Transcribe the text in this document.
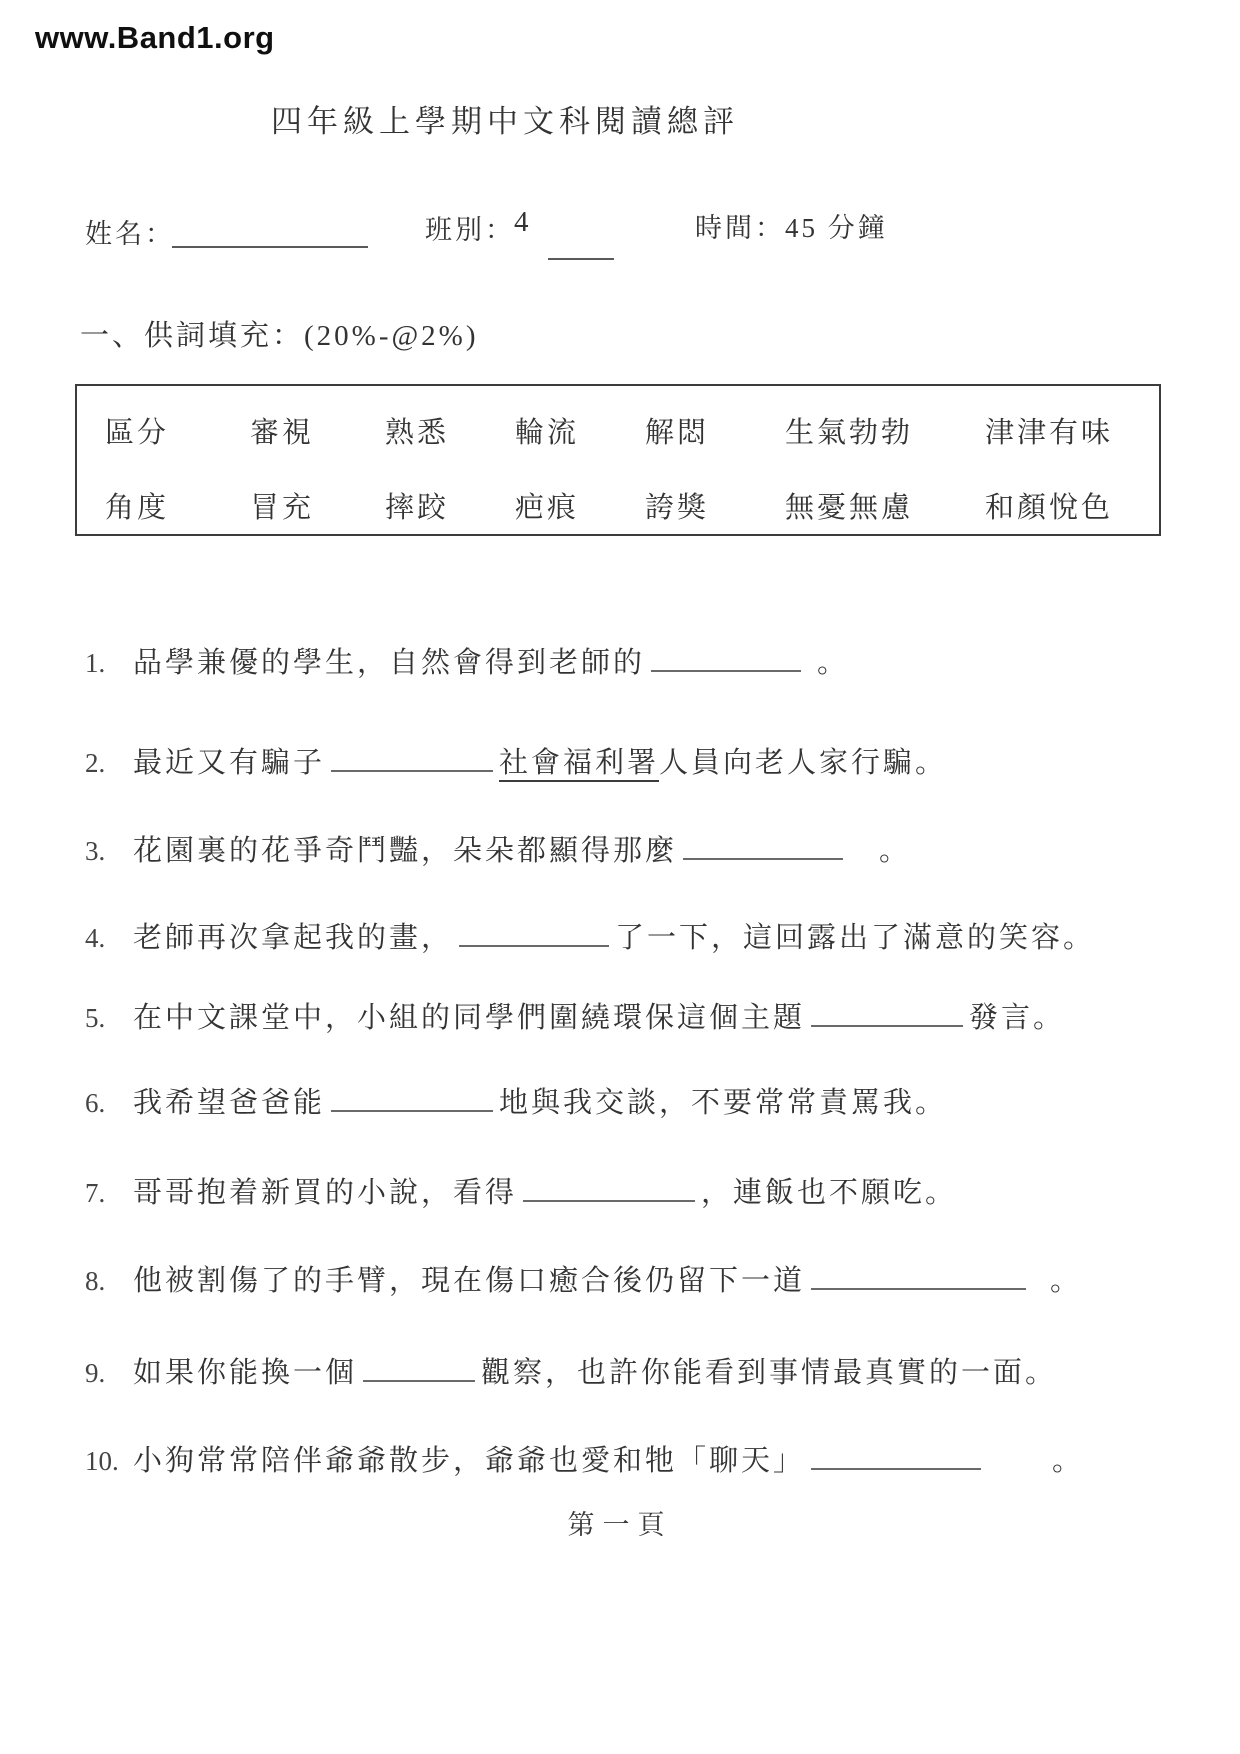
www.Band1.org
四年級上學期中文科閱讀總評
姓名：	班別： 4	時間：45 分鐘
一、供詞填充：(20%-@2%)
區分	審視	熟悉	輪流	解悶	生氣勃勃	津津有味
角度	冒充	摔跤	疤痕	誇獎	無憂無慮	和顏悅色
1. 品學兼優的學生，自然會得到老師的	。
2. 最近又有騙子	社會福利署人員向老人家行騙。
3. 花園裏的花爭奇鬥豔，朵朵都顯得那麼	。
4. 老師再次拿起我的畫，	了一下，這回露出了滿意的笑容。
5. 在中文課堂中，小組的同學們圍繞環保這個主題	發言。
6. 我希望爸爸能	地與我交談，不要常常責罵我。
7. 哥哥抱着新買的小說，看得	，連飯也不願吃。
8. 他被割傷了的手臂，現在傷口癒合後仍留下一道	。
9. 如果你能換一個	觀察，也許你能看到事情最真實的一面。
10. 小狗常常陪伴爺爺散步，爺爺也愛和牠「聊天」	。
第一頁
